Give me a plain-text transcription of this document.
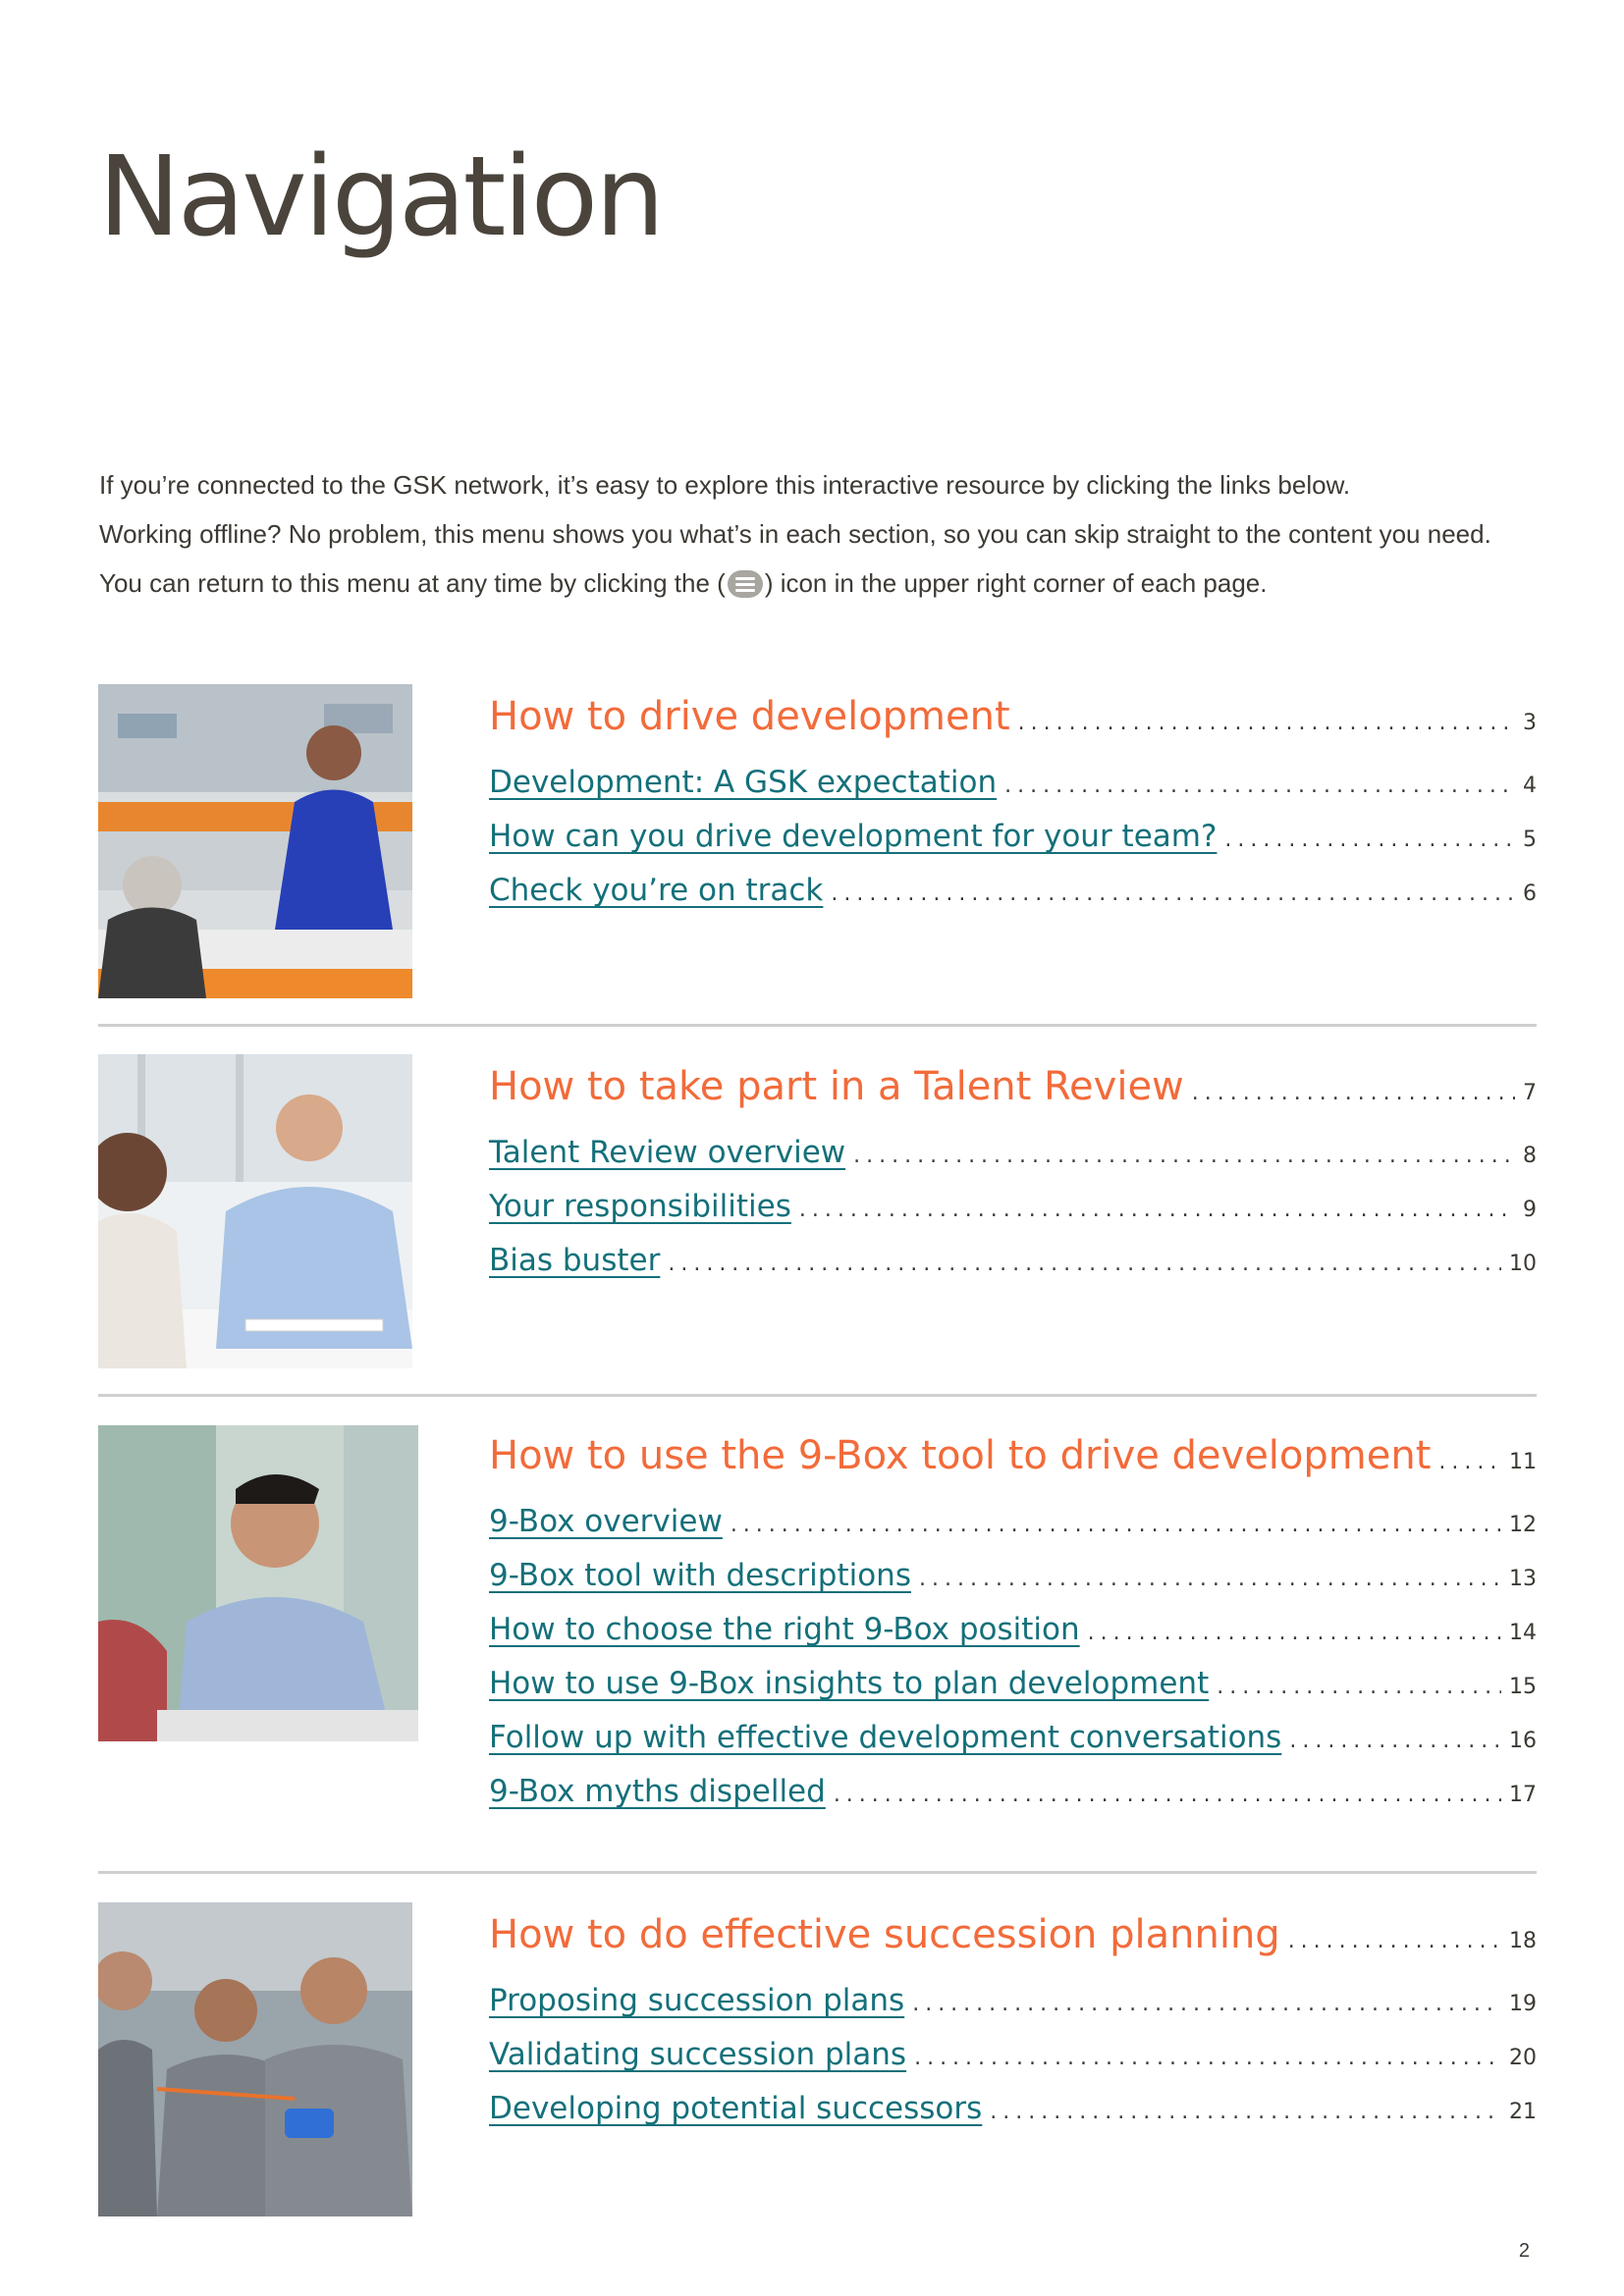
Navigation

If you’re connected to the GSK network, it’s easy to explore this interactive resource by clicking the links below.

Working offline? No problem, this menu shows you what’s in each section, so you can skip straight to the content you need.

You can return to this menu at any time by clicking the ( ) icon in the upper right corner of each page.

How to drive development .....	3
Development: A GSK expectation .....	4
How can you drive development for your team? .....	5
Check you’re on track .....	6
How to take part in a Talent Review .....	7
Talent Review overview .....	8
Your responsibilities .....	9
Bias buster .....	10
How to use the 9-Box tool to drive development .....	11
9-Box overview .....	12
9-Box tool with descriptions .....	13
How to choose the right 9-Box position .....	14
How to use 9-Box insights to plan development .....	15
Follow up with effective development conversations .....	16
9-Box myths dispelled .....	17
How to do effective succession planning .....	18
Proposing succession plans .....	19
Validating succession plans .....	20
Developing potential successors .....	21
2
